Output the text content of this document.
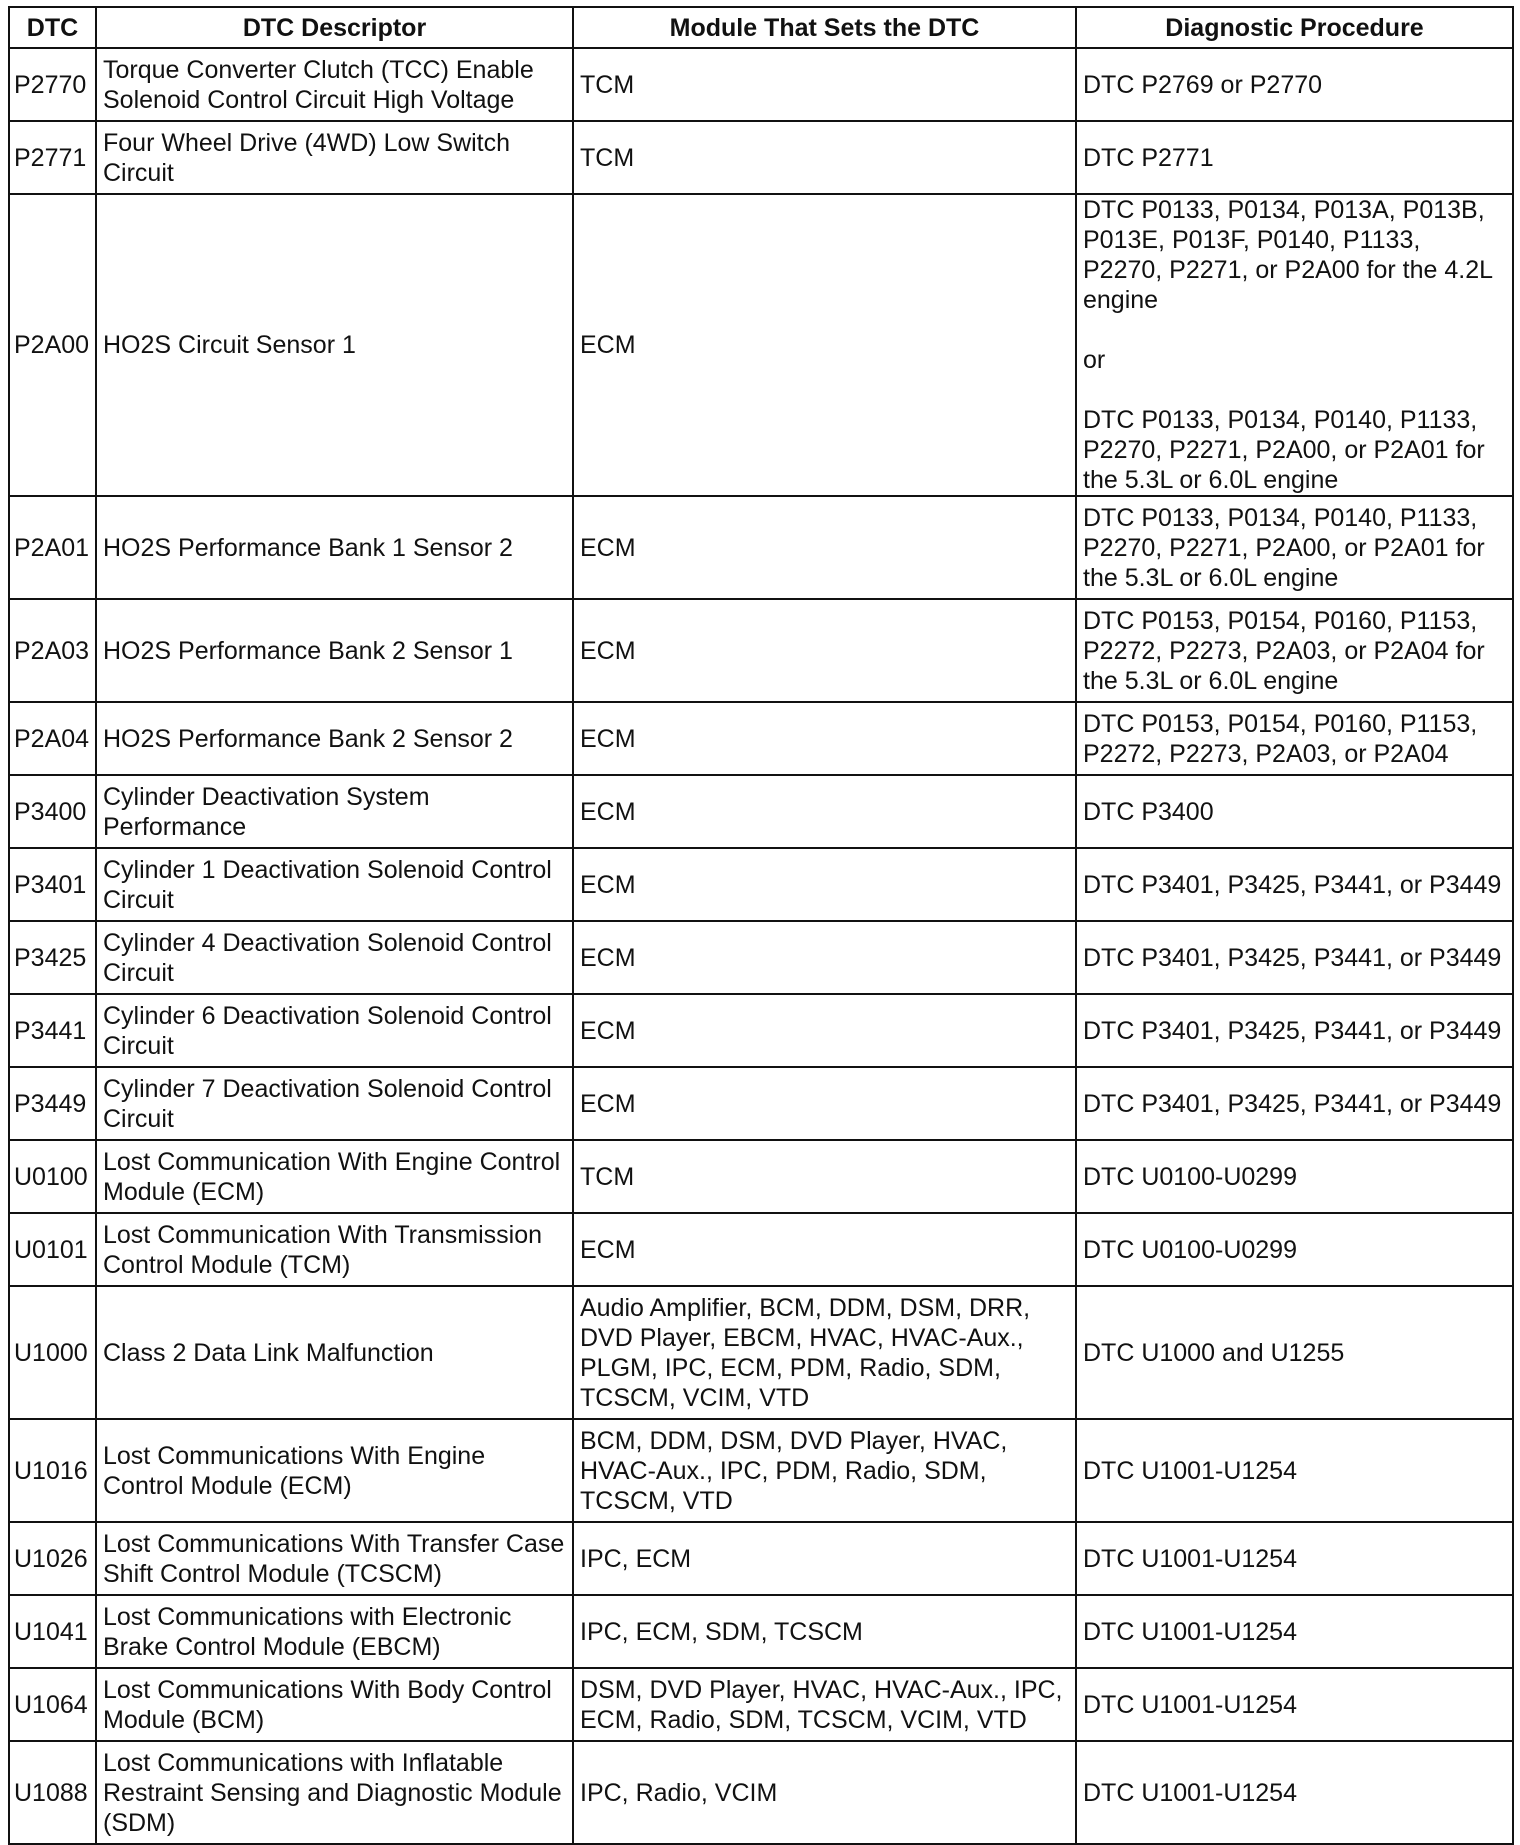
DTC	DTC Descriptor	Module That Sets the DTC	Diagnostic Procedure
P2770	Torque Converter Clutch (TCC) Enable Solenoid Control Circuit High Voltage	TCM	DTC P2769 or P2770
P2771	Four Wheel Drive (4WD) Low Switch Circuit	TCM	DTC P2771
P2A00	HO2S Circuit Sensor 1	ECM	DTC P0133, P0134, P013A, P013B, P013E, P013F, P0140, P1133, P2270, P2271, or P2A00 for the 4.2L engine

or

DTC P0133, P0134, P0140, P1133, P2270, P2271, P2A00, or P2A01 for the 5.3L or 6.0L engine
P2A01	HO2S Performance Bank 1 Sensor 2	ECM	DTC P0133, P0134, P0140, P1133, P2270, P2271, P2A00, or P2A01 for the 5.3L or 6.0L engine
P2A03	HO2S Performance Bank 2 Sensor 1	ECM	DTC P0153, P0154, P0160, P1153, P2272, P2273, P2A03, or P2A04 for the 5.3L or 6.0L engine
P2A04	HO2S Performance Bank 2 Sensor 2	ECM	DTC P0153, P0154, P0160, P1153, P2272, P2273, P2A03, or P2A04
P3400	Cylinder Deactivation System Performance	ECM	DTC P3400
P3401	Cylinder 1 Deactivation Solenoid Control Circuit	ECM	DTC P3401, P3425, P3441, or P3449
P3425	Cylinder 4 Deactivation Solenoid Control Circuit	ECM	DTC P3401, P3425, P3441, or P3449
P3441	Cylinder 6 Deactivation Solenoid Control Circuit	ECM	DTC P3401, P3425, P3441, or P3449
P3449	Cylinder 7 Deactivation Solenoid Control Circuit	ECM	DTC P3401, P3425, P3441, or P3449
U0100	Lost Communication With Engine Control Module (ECM)	TCM	DTC U0100-U0299
U0101	Lost Communication With Transmission Control Module (TCM)	ECM	DTC U0100-U0299
U1000	Class 2 Data Link Malfunction	Audio Amplifier, BCM, DDM, DSM, DRR, DVD Player, EBCM, HVAC, HVAC-Aux., PLGM, IPC, ECM, PDM, Radio, SDM, TCSCM, VCIM, VTD	DTC U1000 and U1255
U1016	Lost Communications With Engine Control Module (ECM)	BCM, DDM, DSM, DVD Player, HVAC, HVAC-Aux., IPC, PDM, Radio, SDM, TCSCM, VTD	DTC U1001-U1254
U1026	Lost Communications With Transfer Case Shift Control Module (TCSCM)	IPC, ECM	DTC U1001-U1254
U1041	Lost Communications with Electronic Brake Control Module (EBCM)	IPC, ECM, SDM, TCSCM	DTC U1001-U1254
U1064	Lost Communications With Body Control Module (BCM)	DSM, DVD Player, HVAC, HVAC-Aux., IPC, ECM, Radio, SDM, TCSCM, VCIM, VTD	DTC U1001-U1254
U1088	Lost Communications with Inflatable Restraint Sensing and Diagnostic Module (SDM)	IPC, Radio, VCIM	DTC U1001-U1254
